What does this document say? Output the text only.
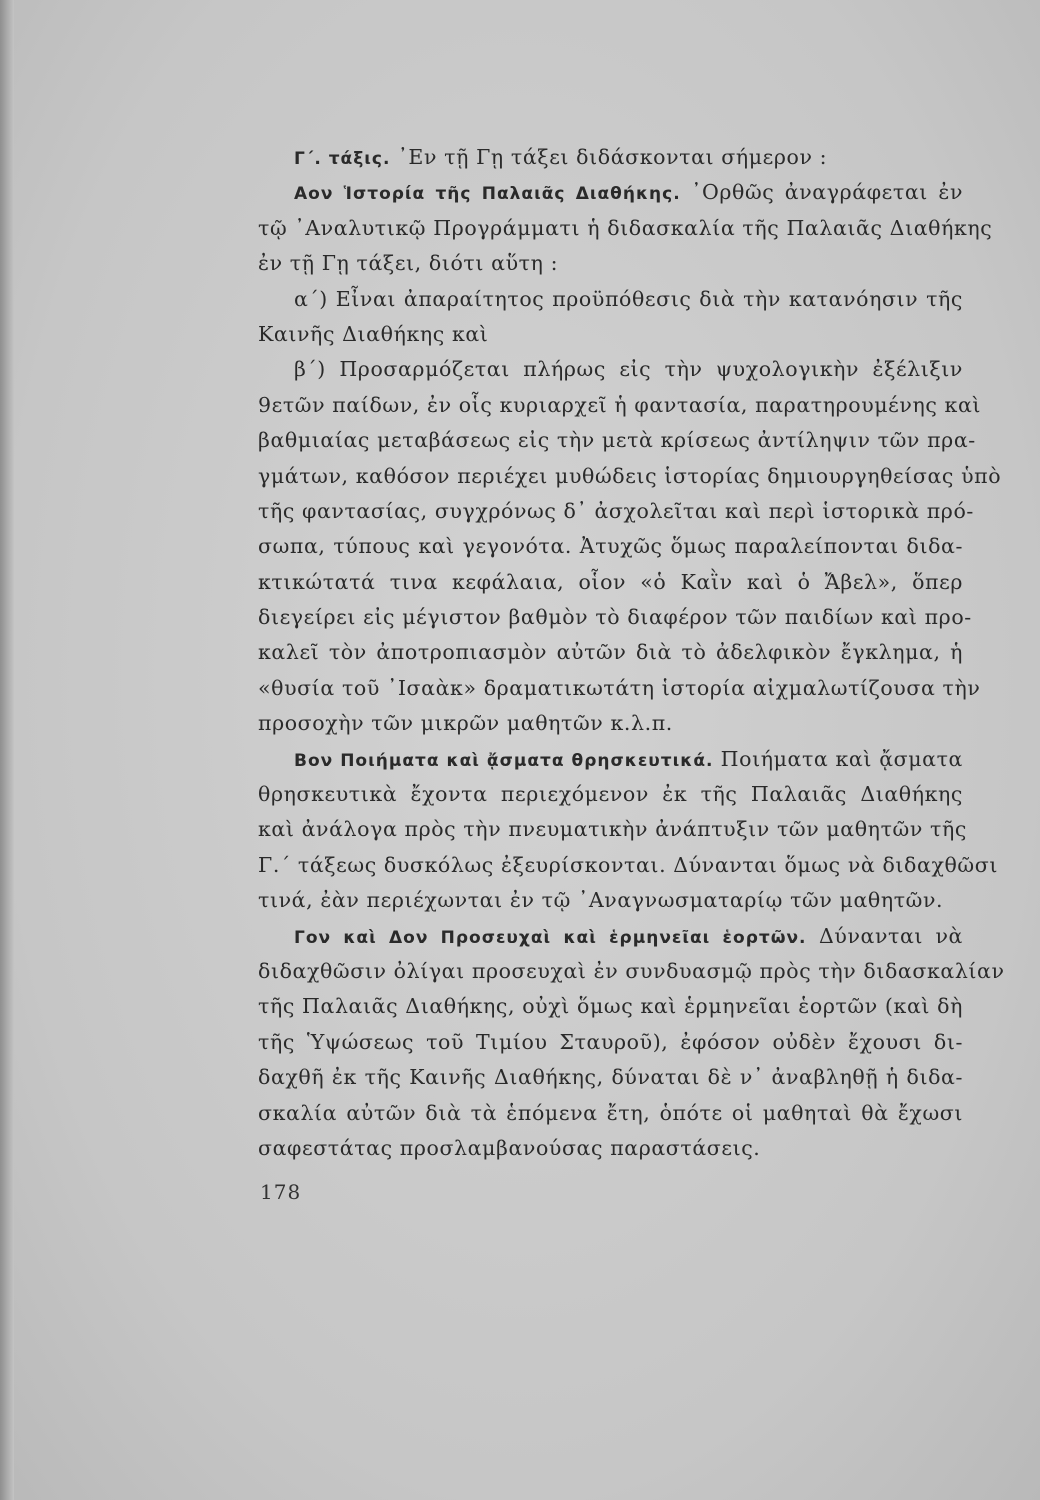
Γ΄. τάξις. ᾽Εν τῇ Γῃ τάξει διδάσκονται σήμερον :
Αον Ἱστορία τῆς Παλαιᾶς Διαθήκης. ᾽Ορθῶς ἀναγράφεται ἐν
τῷ ᾽Αναλυτικῷ Προγράμματι ἡ διδασκαλία τῆς Παλαιᾶς Διαθήκης
ἐν τῇ Γῃ τάξει, διότι αὕτη :
α΄) Εἶναι ἀπαραίτητος προϋπόθεσις διὰ τὴν κατανόησιν τῆς
Καινῆς Διαθήκης καὶ
β΄) Προσαρμόζεται πλήρως εἰς τὴν ψυχολογικὴν ἐξέλιξιν
9ετῶν παίδων, ἐν οἷς κυριαρχεῖ ἡ φαντασία, παρατηρουμένης καὶ
βαθμιαίας μεταβάσεως εἰς τὴν μετὰ κρίσεως ἀντίληψιν τῶν πρα-
γμάτων, καθόσον περιέχει μυθώδεις ἱστορίας δημιουργηθείσας ὑπὸ
τῆς φαντασίας, συγχρόνως δ᾽ ἀσχολεῖται καὶ περὶ ἱστορικὰ πρό-
σωπα, τύπους καὶ γεγονότα. Ἀτυχῶς ὅμως παραλείπονται διδα-
κτικώτατά τινα κεφάλαια, οἷον «ὁ Καῒν καὶ ὁ Ἄβελ», ὅπερ
διεγείρει εἰς μέγιστον βαθμὸν τὸ διαφέρον τῶν παιδίων καὶ προ-
καλεῖ τὸν ἀποτροπιασμὸν αὐτῶν διὰ τὸ ἀδελφικὸν ἔγκλημα, ἡ
«θυσία τοῦ ᾽Ισαὰκ» δραματικωτάτη ἱστορία αἰχμαλωτίζουσα τὴν
προσοχὴν τῶν μικρῶν μαθητῶν κ.λ.π.
Βον Ποιήματα καὶ ᾄσματα θρησκευτικά. Ποιήματα καὶ ᾄσματα
θρησκευτικὰ ἔχοντα περιεχόμενον ἐκ τῆς Παλαιᾶς Διαθήκης
καὶ ἀνάλογα πρὸς τὴν πνευματικὴν ἀνάπτυξιν τῶν μαθητῶν τῆς
Γ.΄ τάξεως δυσκόλως ἐξευρίσκονται. Δύνανται ὅμως νὰ διδαχθῶσι
τινά, ἐὰν περιέχωνται ἐν τῷ ᾽Αναγνωσματαρίῳ τῶν μαθητῶν.
Γον καὶ Δον Προσευχαὶ καὶ ἑρμηνεῖαι ἑορτῶν. Δύνανται νὰ
διδαχθῶσιν ὀλίγαι προσευχαὶ ἐν συνδυασμῷ πρὸς τὴν διδασκαλίαν
τῆς Παλαιᾶς Διαθήκης, οὐχὶ ὅμως καὶ ἑρμηνεῖαι ἑορτῶν (καὶ δὴ
τῆς Ὑψώσεως τοῦ Τιμίου Σταυροῦ), ἐφόσον οὐδὲν ἔχουσι δι-
δαχθῆ ἐκ τῆς Καινῆς Διαθήκης, δύναται δὲ ν᾽ ἀναβληθῇ ἡ διδα-
σκαλία αὐτῶν διὰ τὰ ἑπόμενα ἔτη, ὁπότε οἱ μαθηταὶ θὰ ἔχωσι
σαφεστάτας προσλαμβανούσας παραστάσεις.
178
